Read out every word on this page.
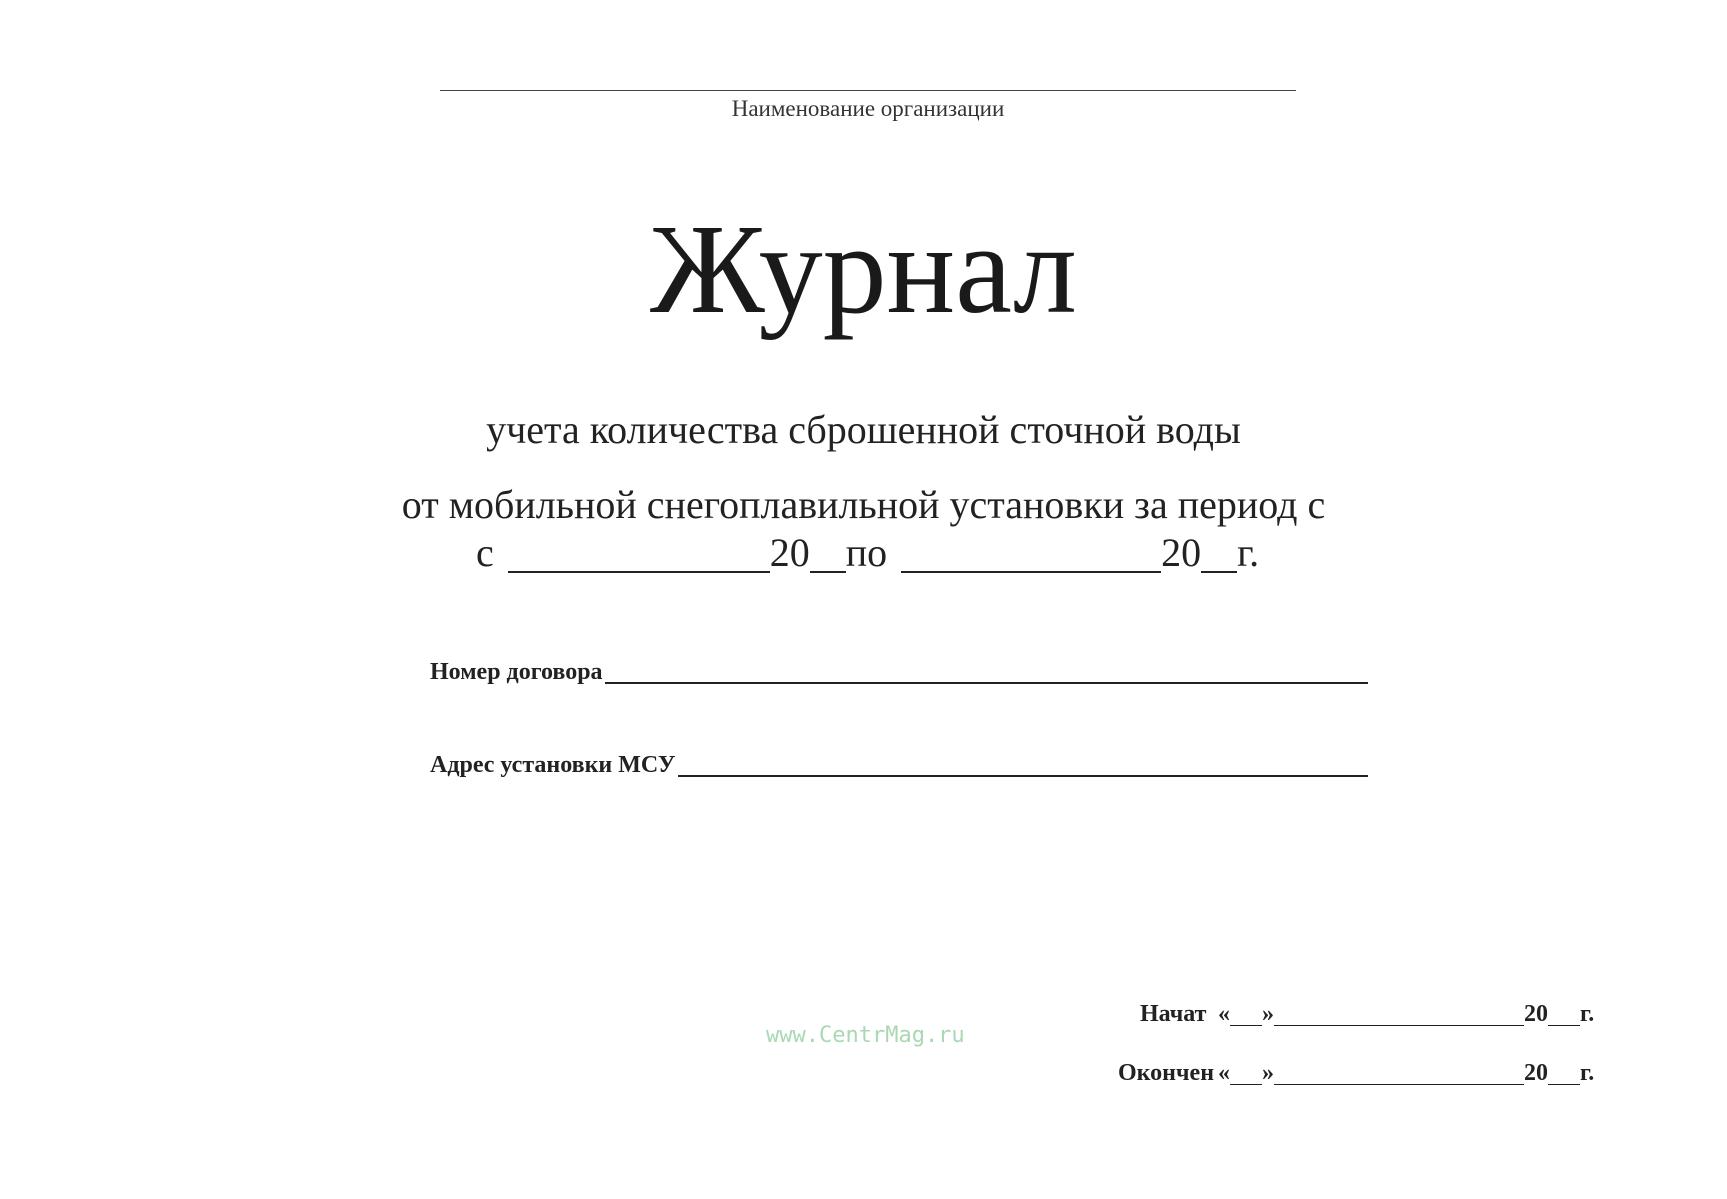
Наименование организации
Журнал
учета количества сброшенной сточной воды
от мобильной снегоплавильной установки за период с
с	20 по	20 г.
Номер договора
Адрес установки МСУ
www.CentrMag.ru
Начат « »	20 г.
Окончен « »	20 г.
